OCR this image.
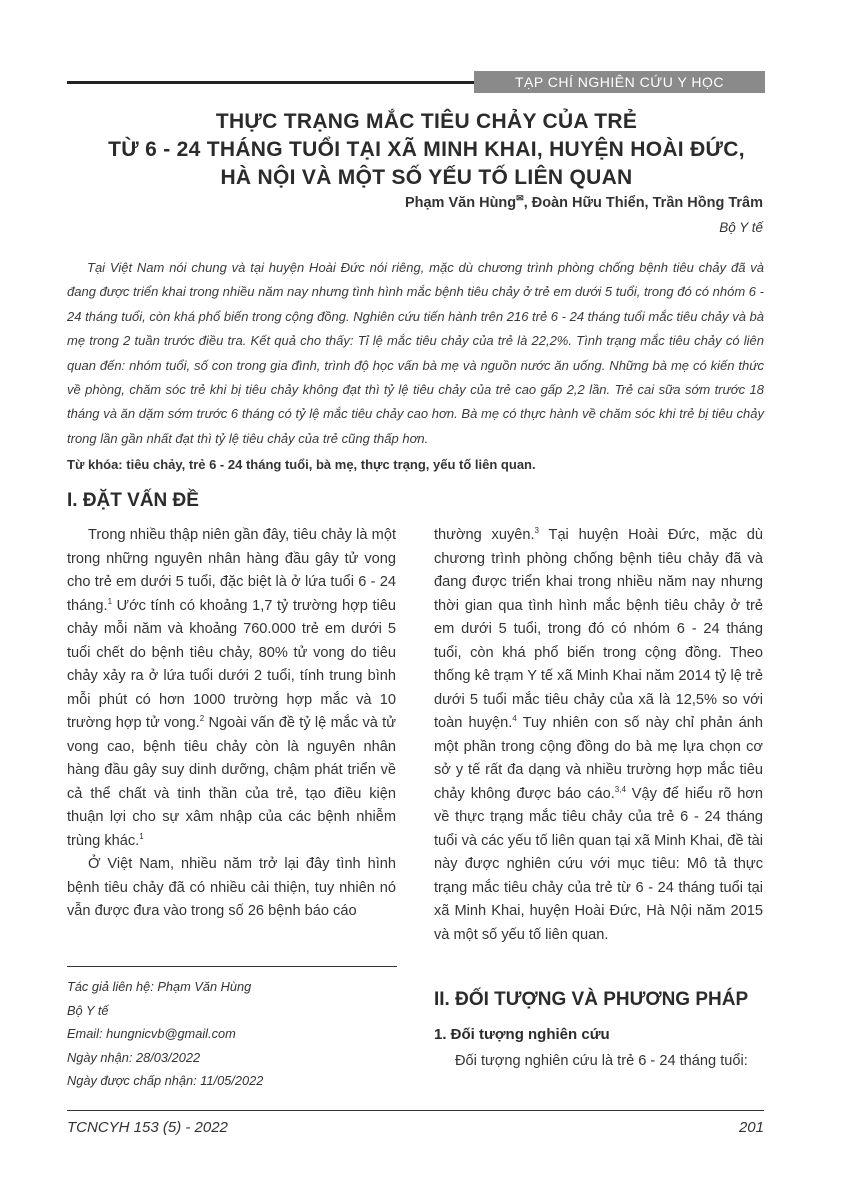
TẠP CHÍ NGHIÊN CỨU Y HỌC
THỰC TRẠNG MẮC TIÊU CHẢY CỦA TRẺ
TỪ 6 - 24 THÁNG TUỔI TẠI XÃ MINH KHAI, HUYỆN HOÀI ĐỨC,
HÀ NỘI VÀ MỘT SỐ YẾU TỐ LIÊN QUAN
Phạm Văn Hùng✉, Đoàn Hữu Thiển, Trần Hồng Trâm
Bộ Y tế

Tại Việt Nam nói chung và tại huyện Hoài Đức nói riêng, mặc dù chương trình phòng chống bệnh tiêu chảy đã và đang được triển khai trong nhiều năm nay nhưng tình hình mắc bệnh tiêu chảy ở trẻ em dưới 5 tuổi, trong đó có nhóm 6 - 24 tháng tuổi, còn khá phổ biến trong cộng đồng. Nghiên cứu tiến hành trên 216 trẻ 6 - 24 tháng tuổi mắc tiêu chảy và bà mẹ trong 2 tuần trước điều tra. Kết quả cho thấy: Tỉ lệ mắc tiêu chảy của trẻ là 22,2%. Tình trạng mắc tiêu chảy có liên quan đến: nhóm tuổi, số con trong gia đình, trình độ học vấn bà mẹ và nguồn nước ăn uống. Những bà mẹ có kiến thức về phòng, chăm sóc trẻ khi bị tiêu chảy không đạt thì tỷ lệ tiêu chảy của trẻ cao gấp 2,2 lần. Trẻ cai sữa sớm trước 18 tháng và ăn dặm sớm trước 6 tháng có tỷ lệ mắc tiêu chảy cao hơn. Bà mẹ có thực hành về chăm sóc khi trẻ bị tiêu chảy trong lần gần nhất đạt thì tỷ lệ tiêu chảy của trẻ cũng thấp hơn.

Từ khóa: tiêu chảy, trẻ 6 - 24 tháng tuổi, bà mẹ, thực trạng, yếu tố liên quan.
I. ĐẶT VẤN ĐỀ

Trong nhiều thập niên gần đây, tiêu chảy là một trong những nguyên nhân hàng đầu gây tử vong cho trẻ em dưới 5 tuổi, đặc biệt là ở lứa tuổi 6 - 24 tháng.$^1$ Ước tính có khoảng 1,7 tỷ trường hợp tiêu chảy mỗi năm và khoảng 760.000 trẻ em dưới 5 tuổi chết do bệnh tiêu chảy, 80% tử vong do tiêu chảy xảy ra ở lứa tuổi dưới 2 tuổi, tính trung bình mỗi phút có hơn 1000 trường hợp mắc và 10 trường hợp tử vong.$^2$ Ngoài vấn đề tỷ lệ mắc và tử vong cao, bệnh tiêu chảy còn là nguyên nhân hàng đầu gây suy dinh dưỡng, chậm phát triển về cả thể chất và tinh thần của trẻ, tạo điều kiện thuận lợi cho sự xâm nhập của các bệnh nhiễm trùng khác.$^1$

Ở Việt Nam, nhiều năm trở lại đây tình hình bệnh tiêu chảy đã có nhiều cải thiện, tuy nhiên nó vẫn được đưa vào trong số 26 bệnh báo cáo

thường xuyên.$^3$ Tại huyện Hoài Đức, mặc dù chương trình phòng chống bệnh tiêu chảy đã và đang được triển khai trong nhiều năm nay nhưng thời gian qua tình hình mắc bệnh tiêu chảy ở trẻ em dưới 5 tuổi, trong đó có nhóm 6 - 24 tháng tuổi, còn khá phổ biến trong cộng đồng. Theo thống kê trạm Y tế xã Minh Khai năm 2014 tỷ lệ trẻ dưới 5 tuổi mắc tiêu chảy của xã là 12,5% so với toàn huyện.$^4$ Tuy nhiên con số này chỉ phản ánh một phần trong cộng đồng do bà mẹ lựa chọn cơ sở y tế rất đa dạng và nhiều trường hợp mắc tiêu chảy không được báo cáo.$^{3,4}$ Vậy để hiểu rõ hơn về thực trạng mắc tiêu chảy của trẻ 6 - 24 tháng tuổi và các yếu tố liên quan tại xã Minh Khai, đề tài này được nghiên cứu với mục tiêu: Mô tả thực trạng mắc tiêu chảy của trẻ từ 6 - 24 tháng tuổi tại xã Minh Khai, huyện Hoài Đức, Hà Nội năm 2015 và một số yếu tố liên quan.

II. ĐỐI TƯỢNG VÀ PHƯƠNG PHÁP
1. Đối tượng nghiên cứu

Đối tượng nghiên cứu là trẻ 6 - 24 tháng tuổi:

Tác giả liên hệ: Phạm Văn Hùng
Bộ Y tế
Email: hungnicvb@gmail.com
Ngày nhận: 28/03/2022
Ngày được chấp nhận: 11/05/2022
TCNCYH 153 (5) - 2022	201
